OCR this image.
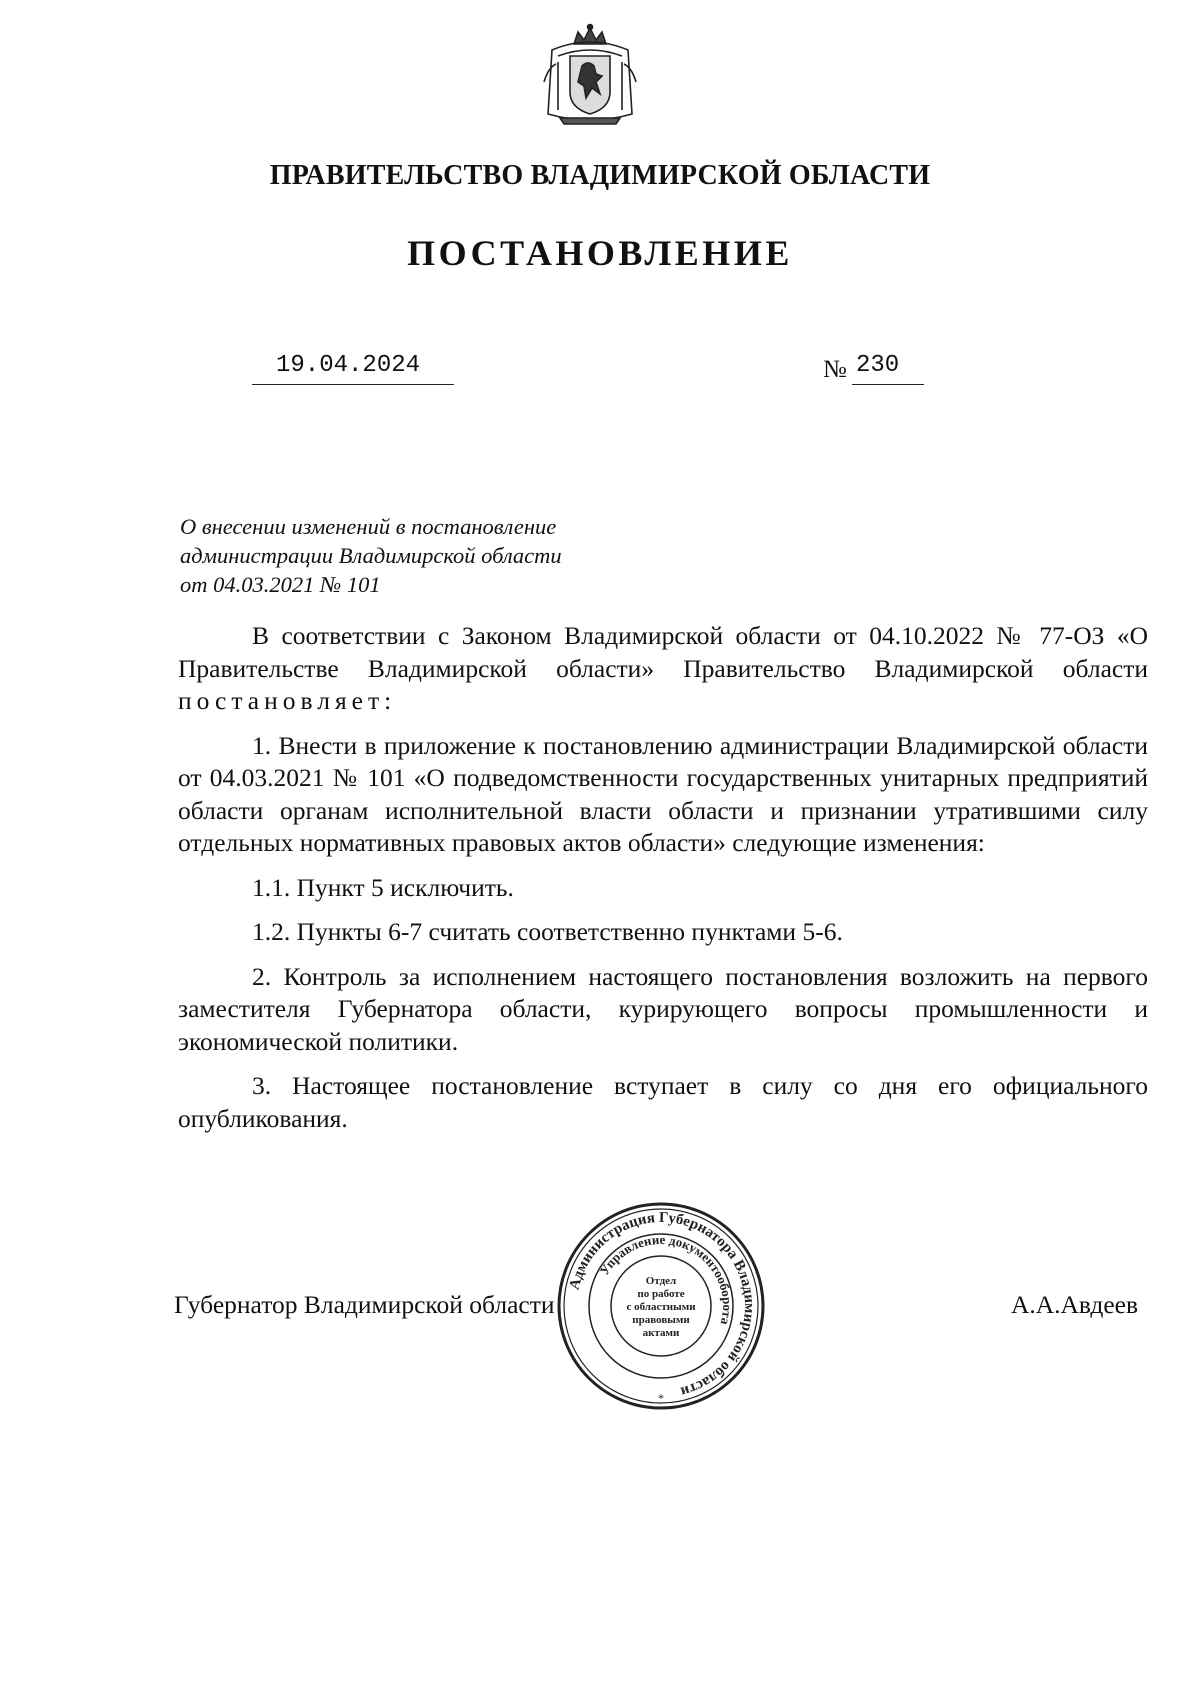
ПРАВИТЕЛЬСТВО ВЛАДИМИРСКОЙ ОБЛАСТИ
ПОСТАНОВЛЕНИЕ
19.04.2024	№ 230
О внесении изменений в постановление
администрации Владимирской области
от 04.03.2021 № 101

В соответствии с Законом Владимирской области от 04.10.2022 № 77-ОЗ «О Правительстве Владимирской области» Правительство Владимирской области постановляет:

1. Внести в приложение к постановлению администрации Владимирской области от 04.03.2021 № 101 «О подведомственности государственных унитарных предприятий области органам исполнительной власти области и признании утратившими силу отдельных нормативных правовых актов области» следующие изменения:

1.1. Пункт 5 исключить.

1.2. Пункты 6-7 считать соответственно пунктами 5-6.

2. Контроль за исполнением настоящего постановления возложить на первого заместителя Губернатора области, курирующего вопросы промышленности и экономической политики.

3. Настоящее постановление вступает в силу со дня его официального опубликования.

Губернатор Владимирской области	А.А.Авдеев
Администрация Губернатора Владимирской области
Управление документооборота
Отдел
по работе
с областными
правовыми
актами
*
